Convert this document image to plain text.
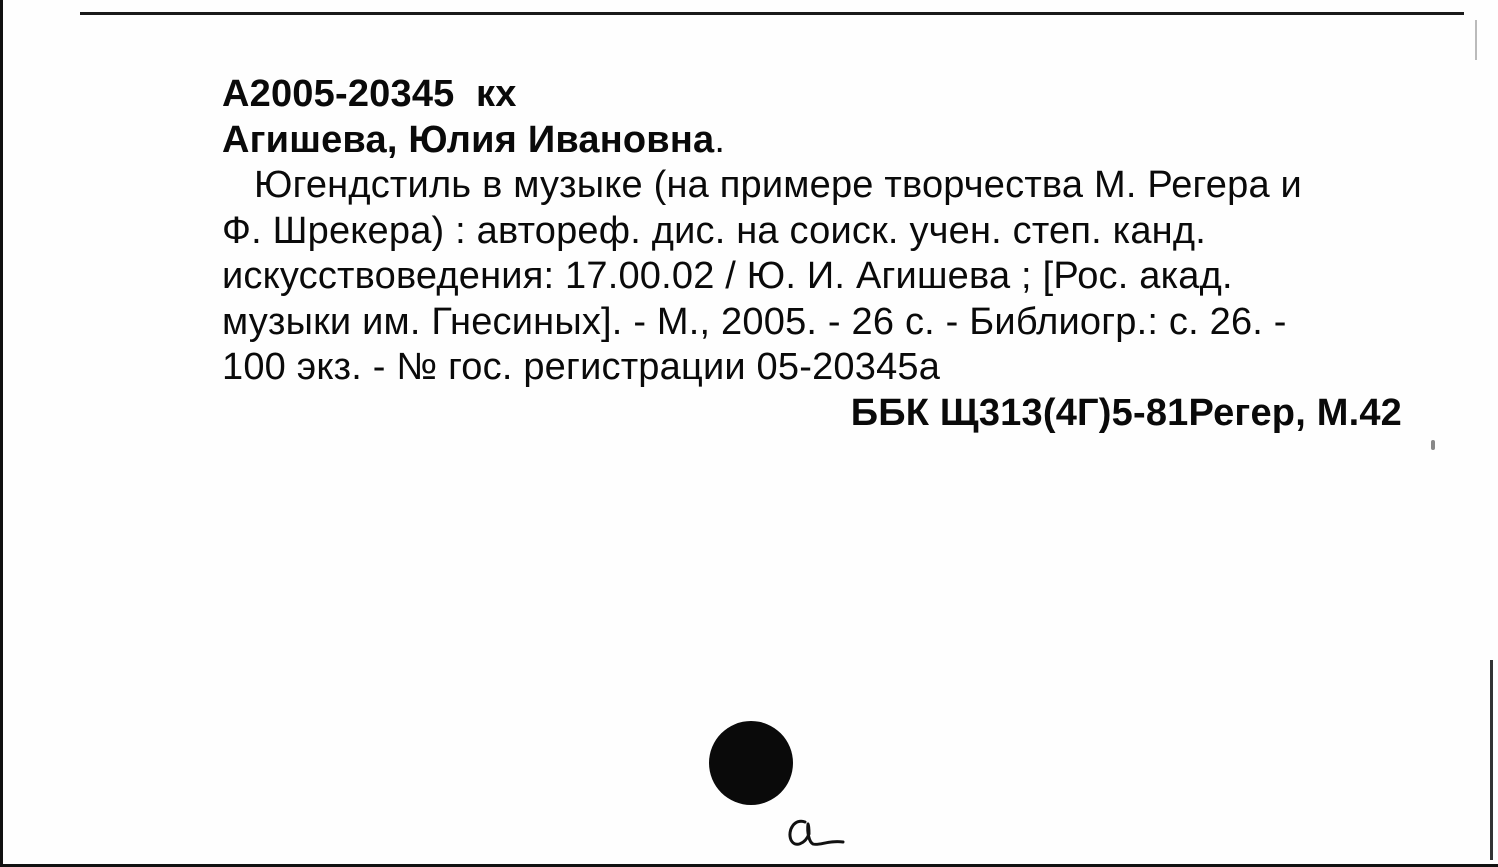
А2005-20345 кх
Агишева, Юлия Ивановна.
Югендстиль в музыке (на примере творчества М. Регера и
Ф. Шрекера) : автореф. дис. на соиск. учен. степ. канд.
искусствоведения: 17.00.02 / Ю. И. Агишева ; [Рос. акад.
музыки им. Гнесиных]. - М., 2005. - 26 с. - Библиогр.: с. 26. -
100 экз. - № гос. регистрации 05-20345а
ББК Щ313(4Г)5-81Регер, М.42
